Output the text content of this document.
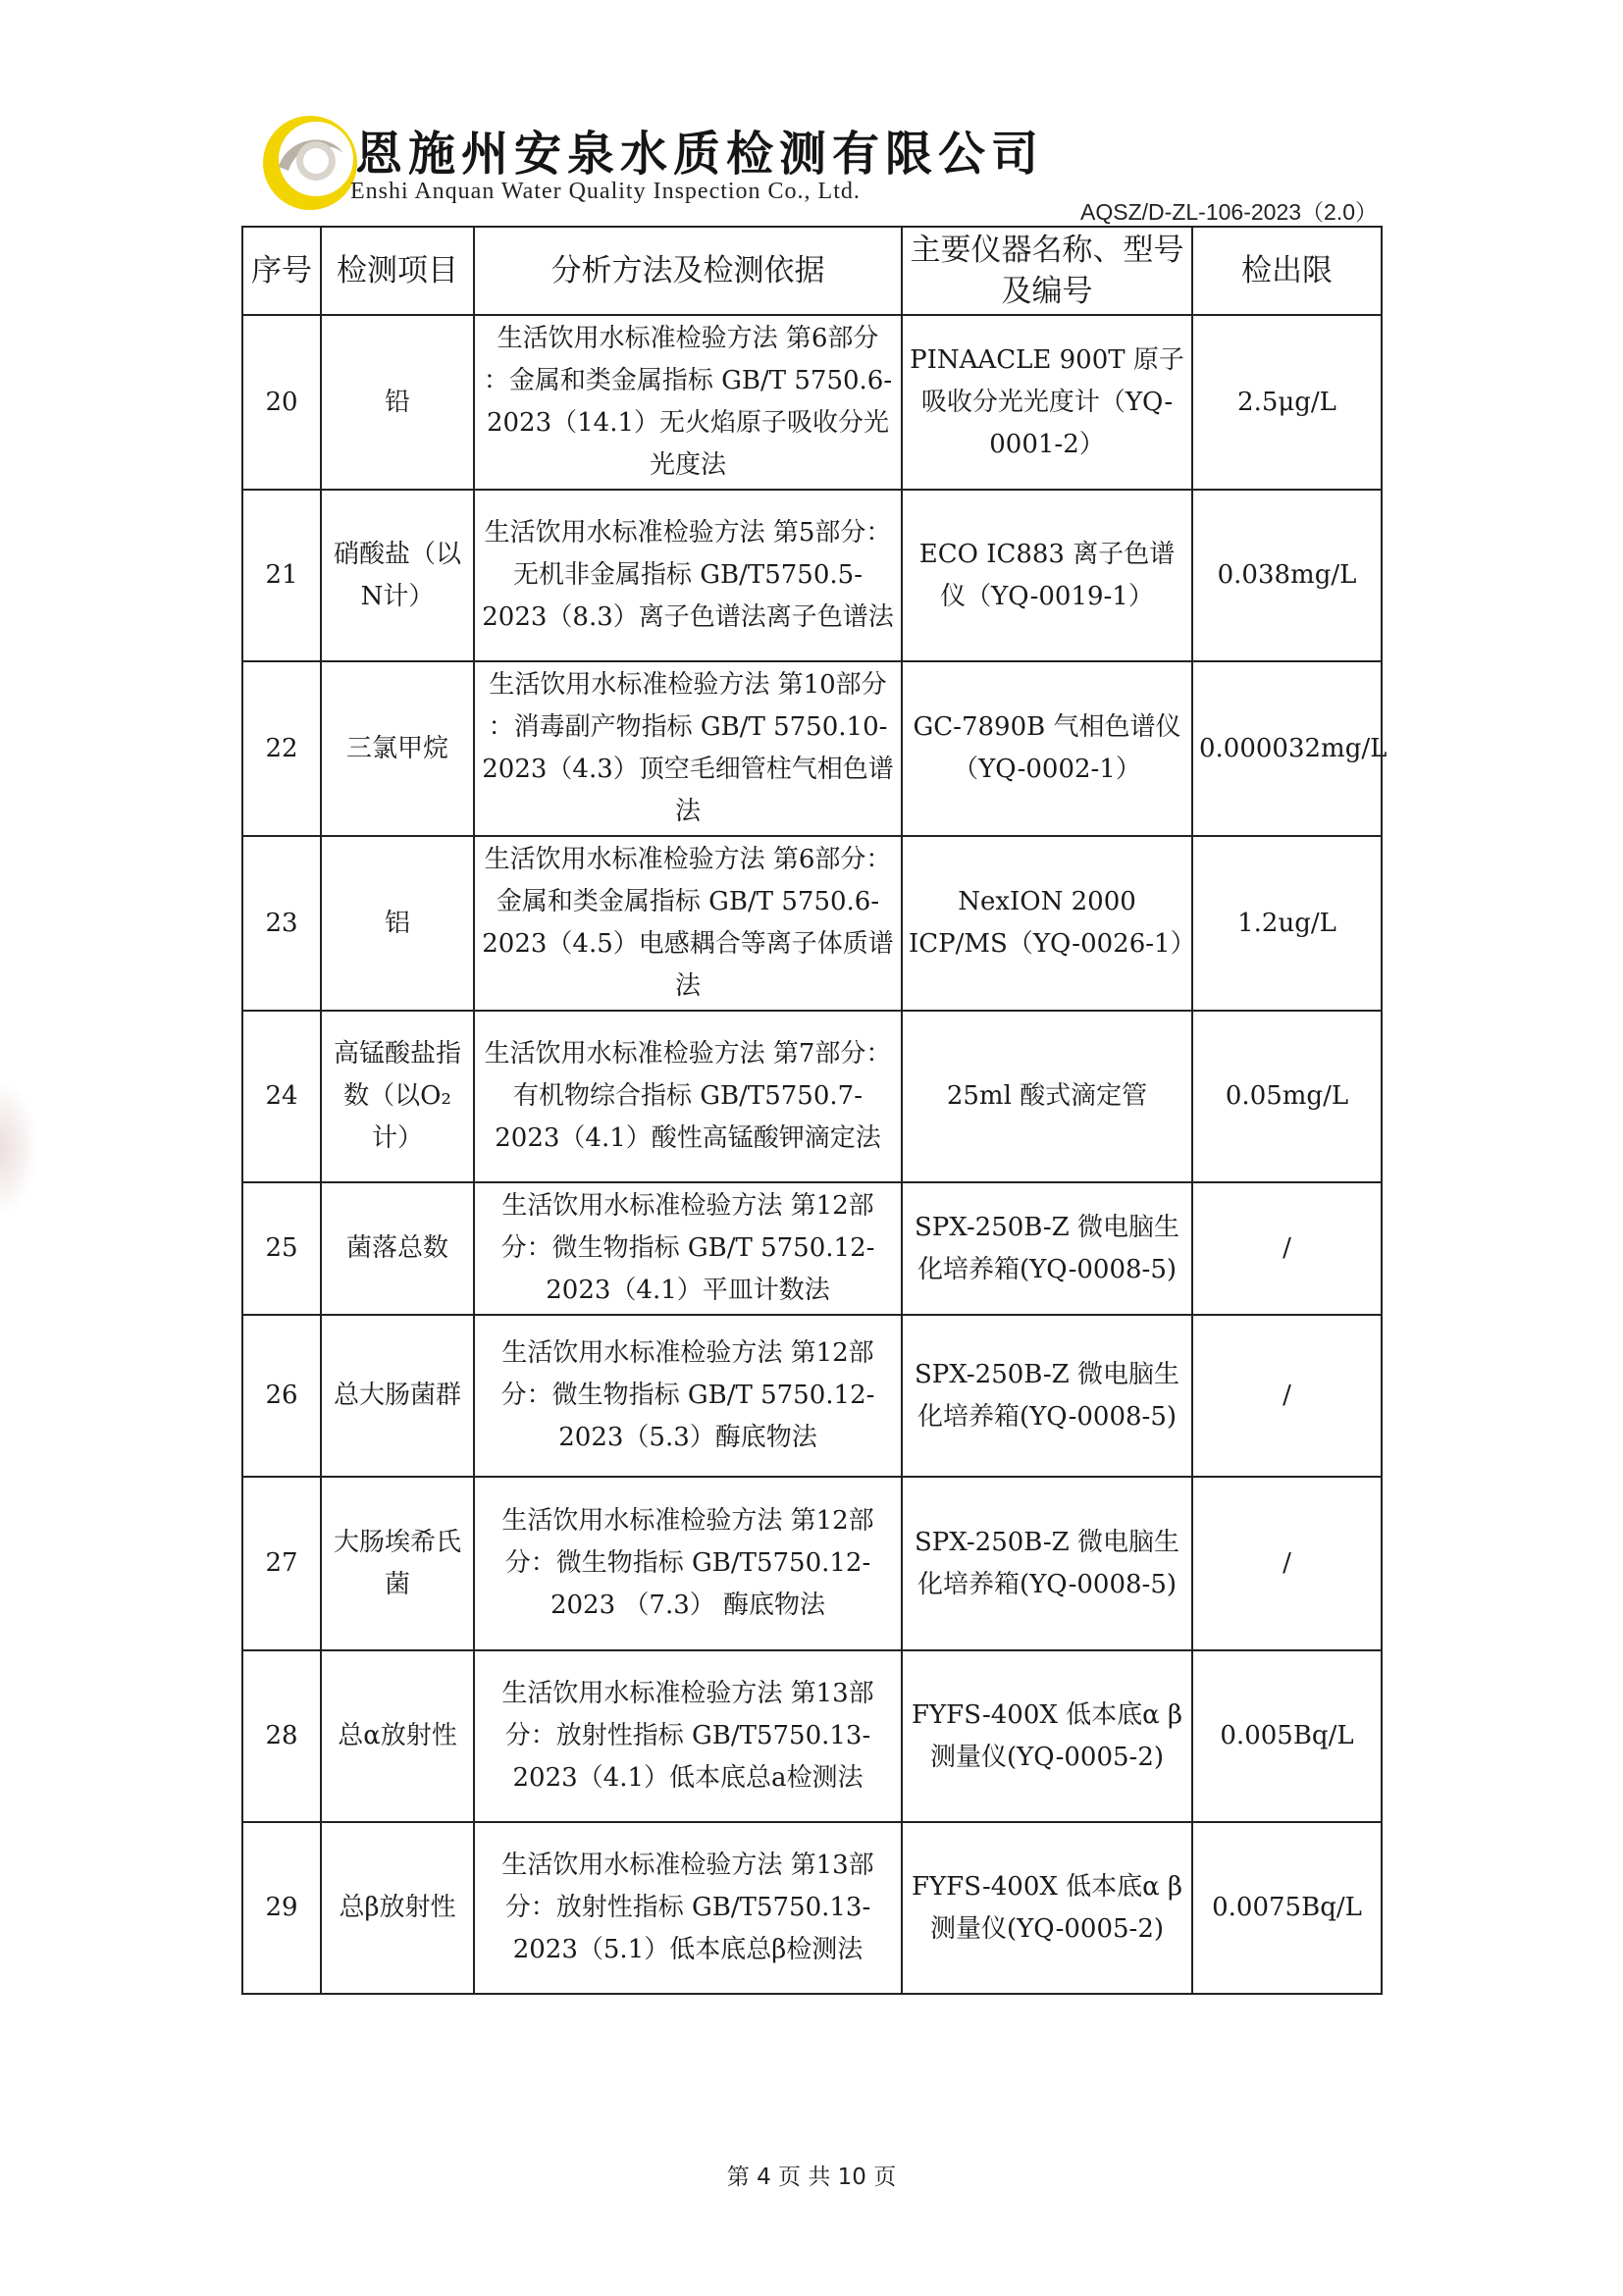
恩施州安泉水质检测有限公司
Enshi Anquan Water Quality Inspection Co., Ltd.
AQSZ/D-ZL-106-2023（2.0）
序号	检测项目	分析方法及检测依据	主要仪器名称、型号及编号	检出限
20	铅	生活饮用水标准检验方法 第6部分 ：金属和类金属指标 GB/T 5750.6-2023（14.1）无火焰原子吸收分光光度法	PINAACLE 900T 原子吸收分光光度计（YQ-0001-2）	2.5μg/L
21	硝酸盐（以N计）	生活饮用水标准检验方法 第5部分：无机非金属指标 GB/T5750.5-2023（8.3）离子色谱法离子色谱法	ECO IC883 离子色谱仪（YQ-0019-1）	0.038mg/L
22	三氯甲烷	生活饮用水标准检验方法 第10部分 ：消毒副产物指标 GB/T 5750.10-2023（4.3）顶空毛细管柱气相色谱法	GC-7890B 气相色谱仪（YQ-0002-1）	0.000032mg/L
23	铝	生活饮用水标准检验方法 第6部分：金属和类金属指标 GB/T 5750.6-2023（4.5）电感耦合等离子体质谱法	NexION 2000 ICP/MS（YQ-0026-1）	1.2ug/L
24	高锰酸盐指数（以O₂计）	生活饮用水标准检验方法 第7部分：有机物综合指标 GB/T5750.7-2023（4.1）酸性高锰酸钾滴定法	25ml 酸式滴定管	0.05mg/L
25	菌落总数	生活饮用水标准检验方法 第12部分：微生物指标 GB/T 5750.12-2023（4.1）平皿计数法	SPX-250B-Z 微电脑生化培养箱(YQ-0008-5)	/
26	总大肠菌群	生活饮用水标准检验方法 第12部分：微生物指标 GB/T 5750.12-2023（5.3）酶底物法	SPX-250B-Z 微电脑生化培养箱(YQ-0008-5)	/
27	大肠埃希氏菌	生活饮用水标准检验方法 第12部分：微生物指标 GB/T5750.12-2023 （7.3） 酶底物法	SPX-250B-Z 微电脑生化培养箱(YQ-0008-5)	/
28	总α放射性	生活饮用水标准检验方法 第13部分：放射性指标 GB/T5750.13-2023（4.1）低本底总a检测法	FYFS-400X 低本底α β测量仪(YQ-0005-2)	0.005Bq/L
29	总β放射性	生活饮用水标准检验方法 第13部分：放射性指标 GB/T5750.13-2023（5.1）低本底总β检测法	FYFS-400X 低本底α β测量仪(YQ-0005-2)	0.0075Bq/L
第 4 页 共 10 页
